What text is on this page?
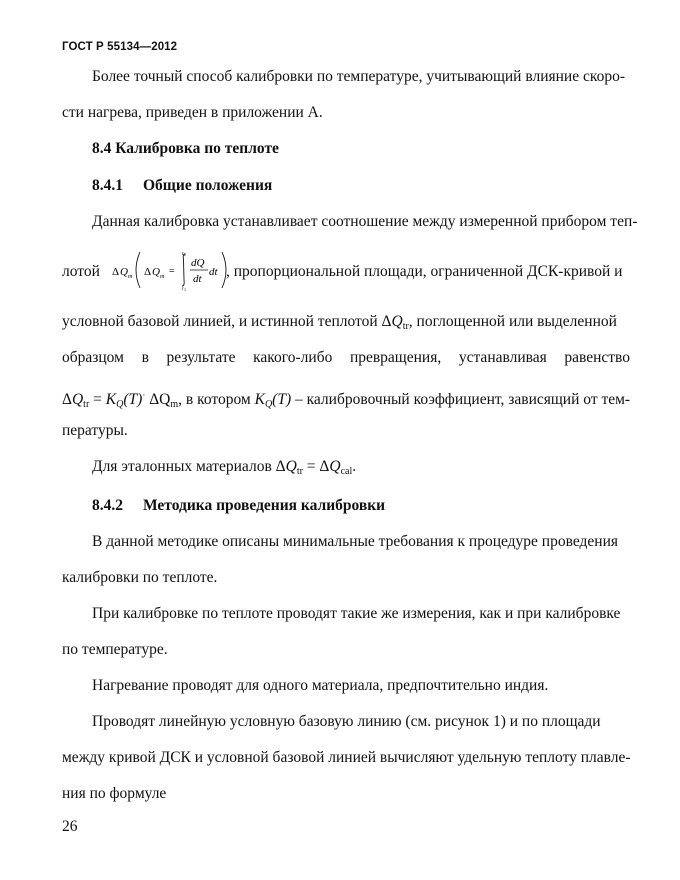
ГОСТ Р 55134—2012
Более точный способ калибровки по температуре, учитывающий влияние скоро-
сти нагрева, приведен в приложении А.
8.4 Калибровка по теплоте
8.4.1 Общие положения
Данная калибровка устанавливает соотношение между измеренной прибором теп-
лотой Δ Q m Δ Q m =
t 2
t 1
dQ
dt
dt , пропорциональной площади, ограниченной ДСК-кривой и
условной базовой линией, и истинной теплотой $\Delta Q_{tr}$, поглощенной или выделенной
образцом в результате какого-либо превращения, устанавливая равенство
$\Delta Q_{tr} = K_Q(T)^\cdot$ $\Delta Q_m$, в котором $K_Q(T)$ – калибровочный коэффициент, зависящий от тем-
пературы.
Для эталонных материалов $\Delta Q_{tr} = \Delta Q_{cal}$.
8.4.2 Методика проведения калибровки
В данной методике описаны минимальные требования к процедуре проведения
калибровки по теплоте.
При калибровке по теплоте проводят такие же измерения, как и при калибровке
по температуре.
Нагревание проводят для одного материала, предпочтительно индия.
Проводят линейную условную базовую линию (см. рисунок 1) и по площади
между кривой ДСК и условной базовой линией вычисляют удельную теплоту плавле-
ния по формуле
26
